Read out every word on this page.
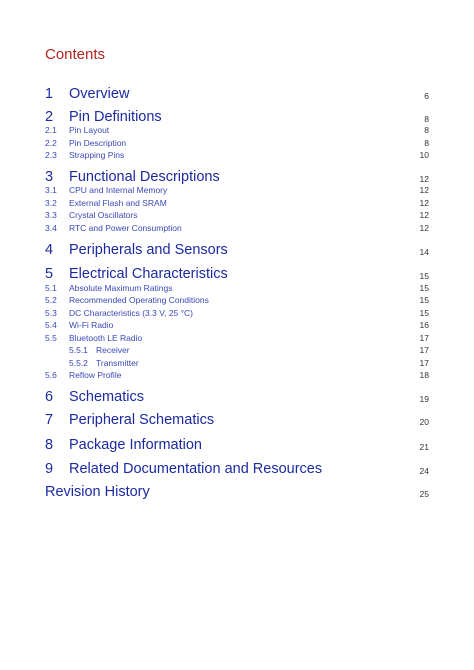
Contents
1 Overview	6
2 Pin Definitions	8
2.1 Pin Layout	8
2.2 Pin Description	8
2.3 Strapping Pins	10
3 Functional Descriptions	12
3.1 CPU and Internal Memory	12
3.2 External Flash and SRAM	12
3.3 Crystal Oscillators	12
3.4 RTC and Power Consumption	12
4 Peripherals and Sensors	14
5 Electrical Characteristics	15
5.1 Absolute Maximum Ratings	15
5.2 Recommended Operating Conditions	15
5.3 DC Characteristics (3.3 V, 25 °C)	15
5.4 Wi-Fi Radio	16
5.5 Bluetooth LE Radio	17
5.5.1 Receiver	17
5.5.2 Transmitter	17
5.6 Reflow Profile	18
6 Schematics	19
7 Peripheral Schematics	20
8 Package Information	21
9 Related Documentation and Resources	24
Revision History	25
